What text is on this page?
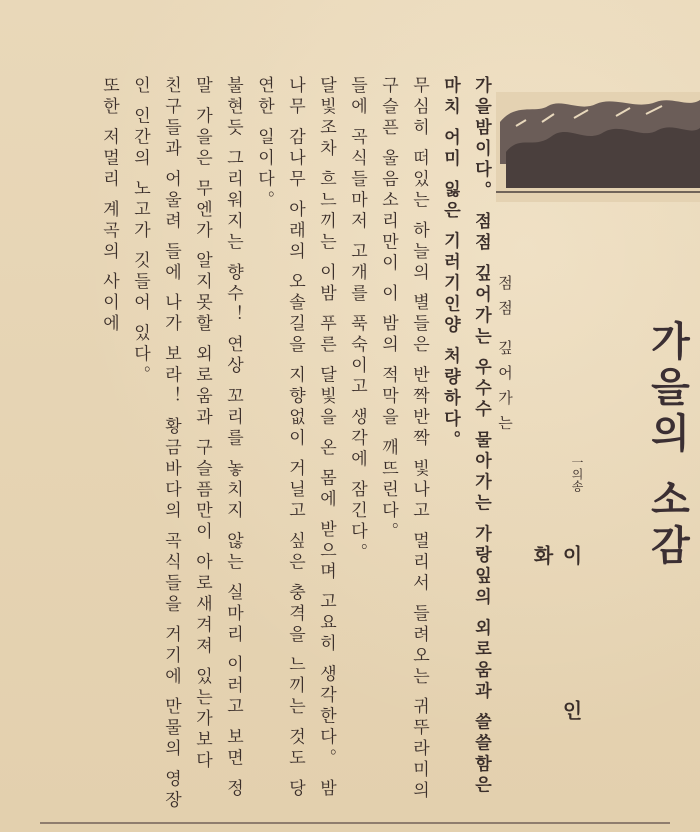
가을의 소감
점점 깊어가는
一의송
이 인 화

가을밤이다。 점점 깊어가는 우수수 물아가는 가랑잎의 외로움과 쓸쓸함은 마치 어미 잃은 기러기인양 처량하다。

무심히 떠있는 하늘의 별들은 반짝반짝 빛나고 멀리서 들려오는 귀뚜라미의 구슬픈 울음소리만이 이 밤의 적막을 깨뜨린다。

들에 곡식들마저 고개를 푹숙이고 생각에 잠긴다。

달빛조차 흐느끼는 이밤 푸른 달빛을 온 몸에 받으며 고요히 생각한다。 밤나무 감나무 아래의 오솔길을 지향없이 거닐고 싶은 충격을 느끼는 것도 당연한 일이다。

불현듯 그리워지는 향수！ 연상 꼬리를 놓치지 않는 실마리 이러고 보면 정말 가을은 무엔가 알지못할 외로움과 구슬픔만이 아로새겨져 있는가보다

친구들과 어울려 들에 나가 보라！ 황금바다의 곡식들을 거기에 만물의 영장인 인간의 노고가 깃들어 있다。

또한 저멀리 계곡의 사이에
